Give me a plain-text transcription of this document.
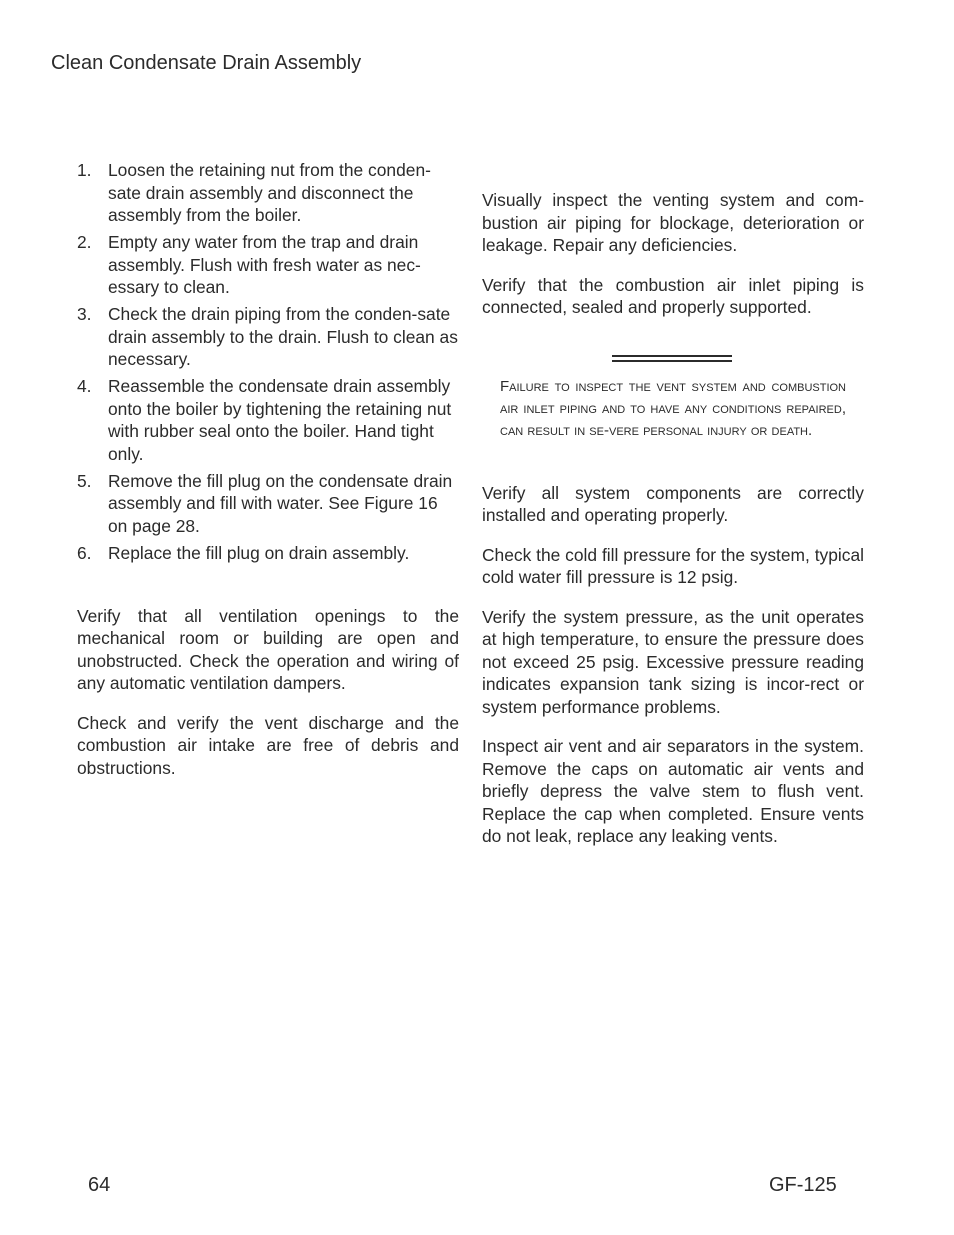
Clean Condensate Drain Assembly
1. Loosen the retaining nut from the conden-sate drain assembly and disconnect the assembly from the boiler.
2. Empty any water from the trap and drain assembly. Flush with fresh water as nec-essary to clean.
3. Check the drain piping from the conden-sate drain assembly to the drain. Flush to clean as necessary.
4. Reassemble the condensate drain assembly onto the boiler by tightening the retaining nut with rubber seal onto the boiler. Hand tight only.
5. Remove the fill plug on the condensate drain assembly and fill with water. See Figure 16 on page 28.
6. Replace the fill plug on drain assembly.

Verify that all ventilation openings to the mechanical room or building are open and unobstructed. Check the operation and wiring of any automatic ventilation dampers.

Check and verify the vent discharge and the combustion air intake are free of debris and obstructions.

Visually inspect the venting system and com-bustion air piping for blockage, deterioration or leakage. Repair any deficiencies.

Verify that the combustion air inlet piping is connected, sealed and properly supported.

Failure to inspect the vent system and combustion air inlet piping and to have any conditions repaired, can result in se-vere personal injury or death.

Verify all system components are correctly installed and operating properly.

Check the cold fill pressure for the system, typical cold water fill pressure is 12 psig.

Verify the system pressure, as the unit operates at high temperature, to ensure the pressure does not exceed 25 psig. Excessive pressure reading indicates expansion tank sizing is incor-rect or system performance problems.

Inspect air vent and air separators in the system. Remove the caps on automatic air vents and briefly depress the valve stem to flush vent. Replace the cap when completed. Ensure vents do not leak, replace any leaking vents.

64	GF-125
